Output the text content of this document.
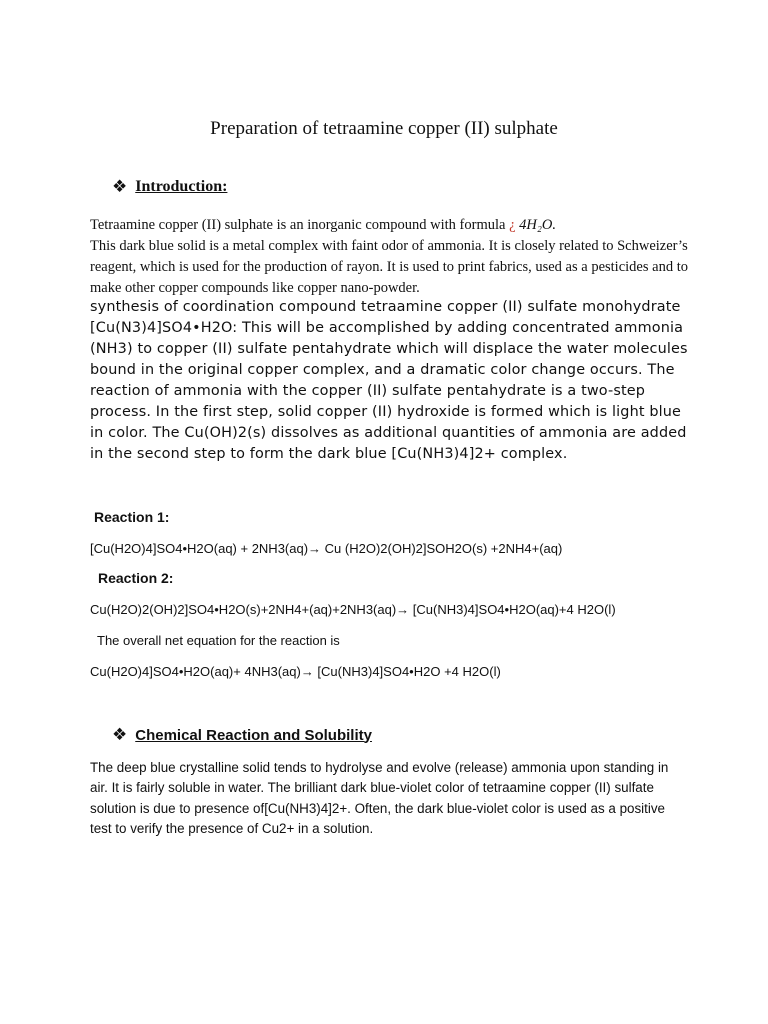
Preparation of tetraamine copper (II) sulphate
❖ Introduction:

Tetraamine copper (II) sulphate is an inorganic compound with formula ¿ 4H₂O.
This dark blue solid is a metal complex with faint odor of ammonia. It is closely related to Schweizer’s reagent, which is used for the production of rayon. It is used to print fabrics, used as a pesticides and to make other copper compounds like copper nano-powder.

synthesis of coordination compound tetraamine copper (II) sulfate monohydrate [Cu(N3)4]SO4•H2O: This will be accomplished by adding concentrated ammonia (NH3) to copper (II) sulfate pentahydrate which will displace the water molecules bound in the original copper complex, and a dramatic color change occurs. The reaction of ammonia with the copper (II) sulfate pentahydrate is a two-step process. In the first step, solid copper (II) hydroxide is formed which is light blue in color. The Cu(OH)2(s) dissolves as additional quantities of ammonia are added in the second step to form the dark blue [Cu(NH3)4]2+ complex.

Reaction 1:
[Cu(H2O)4]SO4•H2O(aq) + 2NH3(aq)→ Cu (H2O)2(OH)2]SOH2O(s) +2NH4+(aq)
Reaction 2:
Cu(H2O)2(OH)2]SO4•H2O(s)+2NH4+(aq)+2NH3(aq)→ [Cu(NH3)4]SO4•H2O(aq)+4 H2O(l)
The overall net equation for the reaction is
Cu(H2O)4]SO4•H2O(aq)+ 4NH3(aq)→ [Cu(NH3)4]SO4•H2O +4 H2O(l)
❖ Chemical Reaction and Solubility

The deep blue crystalline solid tends to hydrolyse and evolve (release) ammonia upon standing in air. It is fairly soluble in water. The brilliant dark blue-violet color of tetraamine copper (II) sulfate solution is due to presence of[Cu(NH3)4]2+. Often, the dark blue-violet color is used as a positive test to verify the presence of Cu2+ in a solution.
